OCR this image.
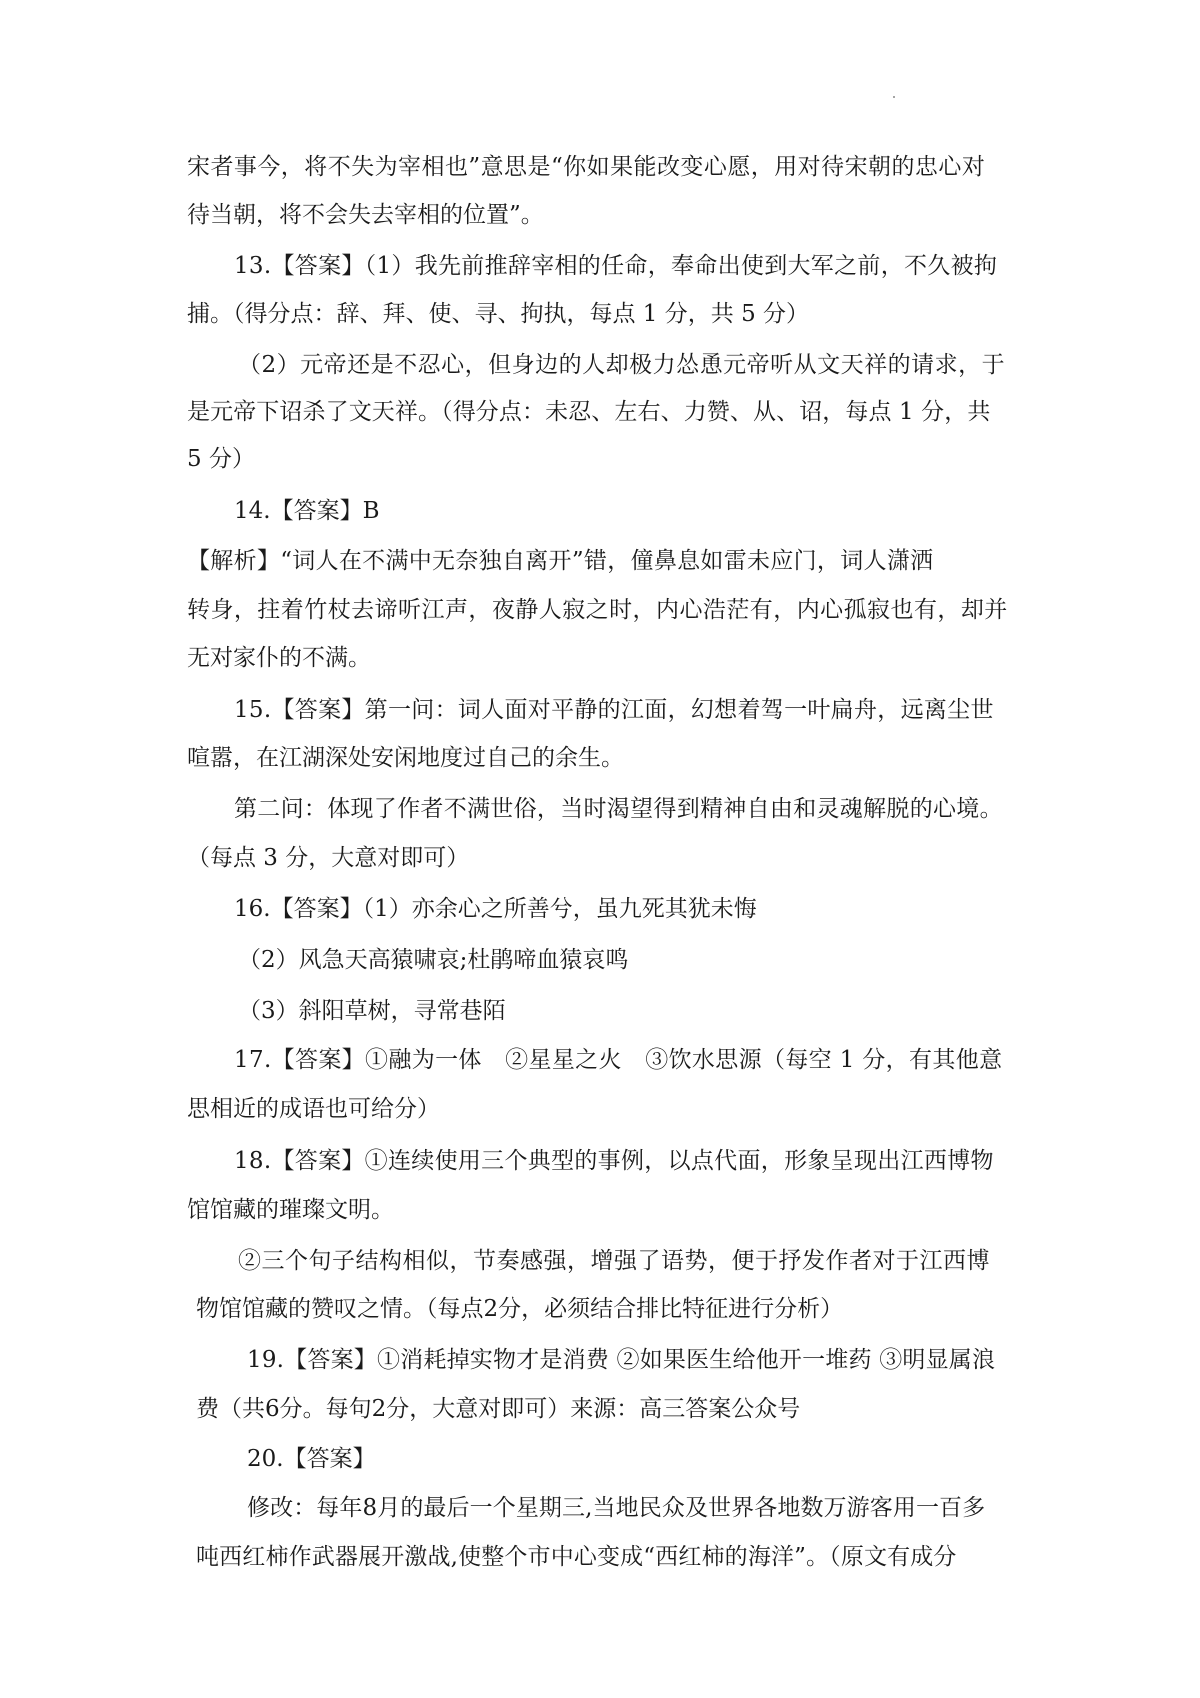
宋者事今，将不失为宰相也”意思是“你如果能改变心愿，用对待宋朝的忠心对
待当朝，将不会失去宰相的位置”。
13.【答案】（1）我先前推辞宰相的任命，奉命出使到大军之前，不久被拘
捕。（得分点：辞、拜、使、寻、拘执，每点 1 分，共 5 分）
（2）元帝还是不忍心，但身边的人却极力怂恿元帝听从文天祥的请求，于
是元帝下诏杀了文天祥。（得分点：未忍、左右、力赞、从、诏，每点 1 分，共
5 分）
14.【答案】B
【解析】“词人在不满中无奈独自离开”错，僮鼻息如雷未应门，词人潇洒
转身，拄着竹杖去谛听江声，夜静人寂之时，内心浩茫有，内心孤寂也有，却并
无对家仆的不满。
15.【答案】第一问：词人面对平静的江面，幻想着驾一叶扁舟，远离尘世
喧嚣，在江湖深处安闲地度过自己的余生。
第二问：体现了作者不满世俗，当时渴望得到精神自由和灵魂解脱的心境。
（每点 3 分，大意对即可）
16.【答案】（1）亦余心之所善兮，虽九死其犹未悔
（2）风急天高猿啸哀;杜鹃啼血猿哀鸣
（3）斜阳草树，寻常巷陌
17.【答案】①融为一体　②星星之火　③饮水思源（每空 1 分，有其他意
思相近的成语也可给分）
18.【答案】①连续使用三个典型的事例，以点代面，形象呈现出江西博物
馆馆藏的璀璨文明。
②三个句子结构相似，节奏感强，增强了语势，便于抒发作者对于江西博
物馆馆藏的赞叹之情。（每点2分，必须结合排比特征进行分析）
19.【答案】①消耗掉实物才是消费 ②如果医生给他开一堆药 ③明显属浪
费（共6分。每句2分，大意对即可）来源：高三答案公众号
20.【答案】
修改：每年8月的最后一个星期三,当地民众及世界各地数万游客用一百多
吨西红柿作武器展开激战,使整个市中心变成“西红柿的海洋”。（原文有成分
